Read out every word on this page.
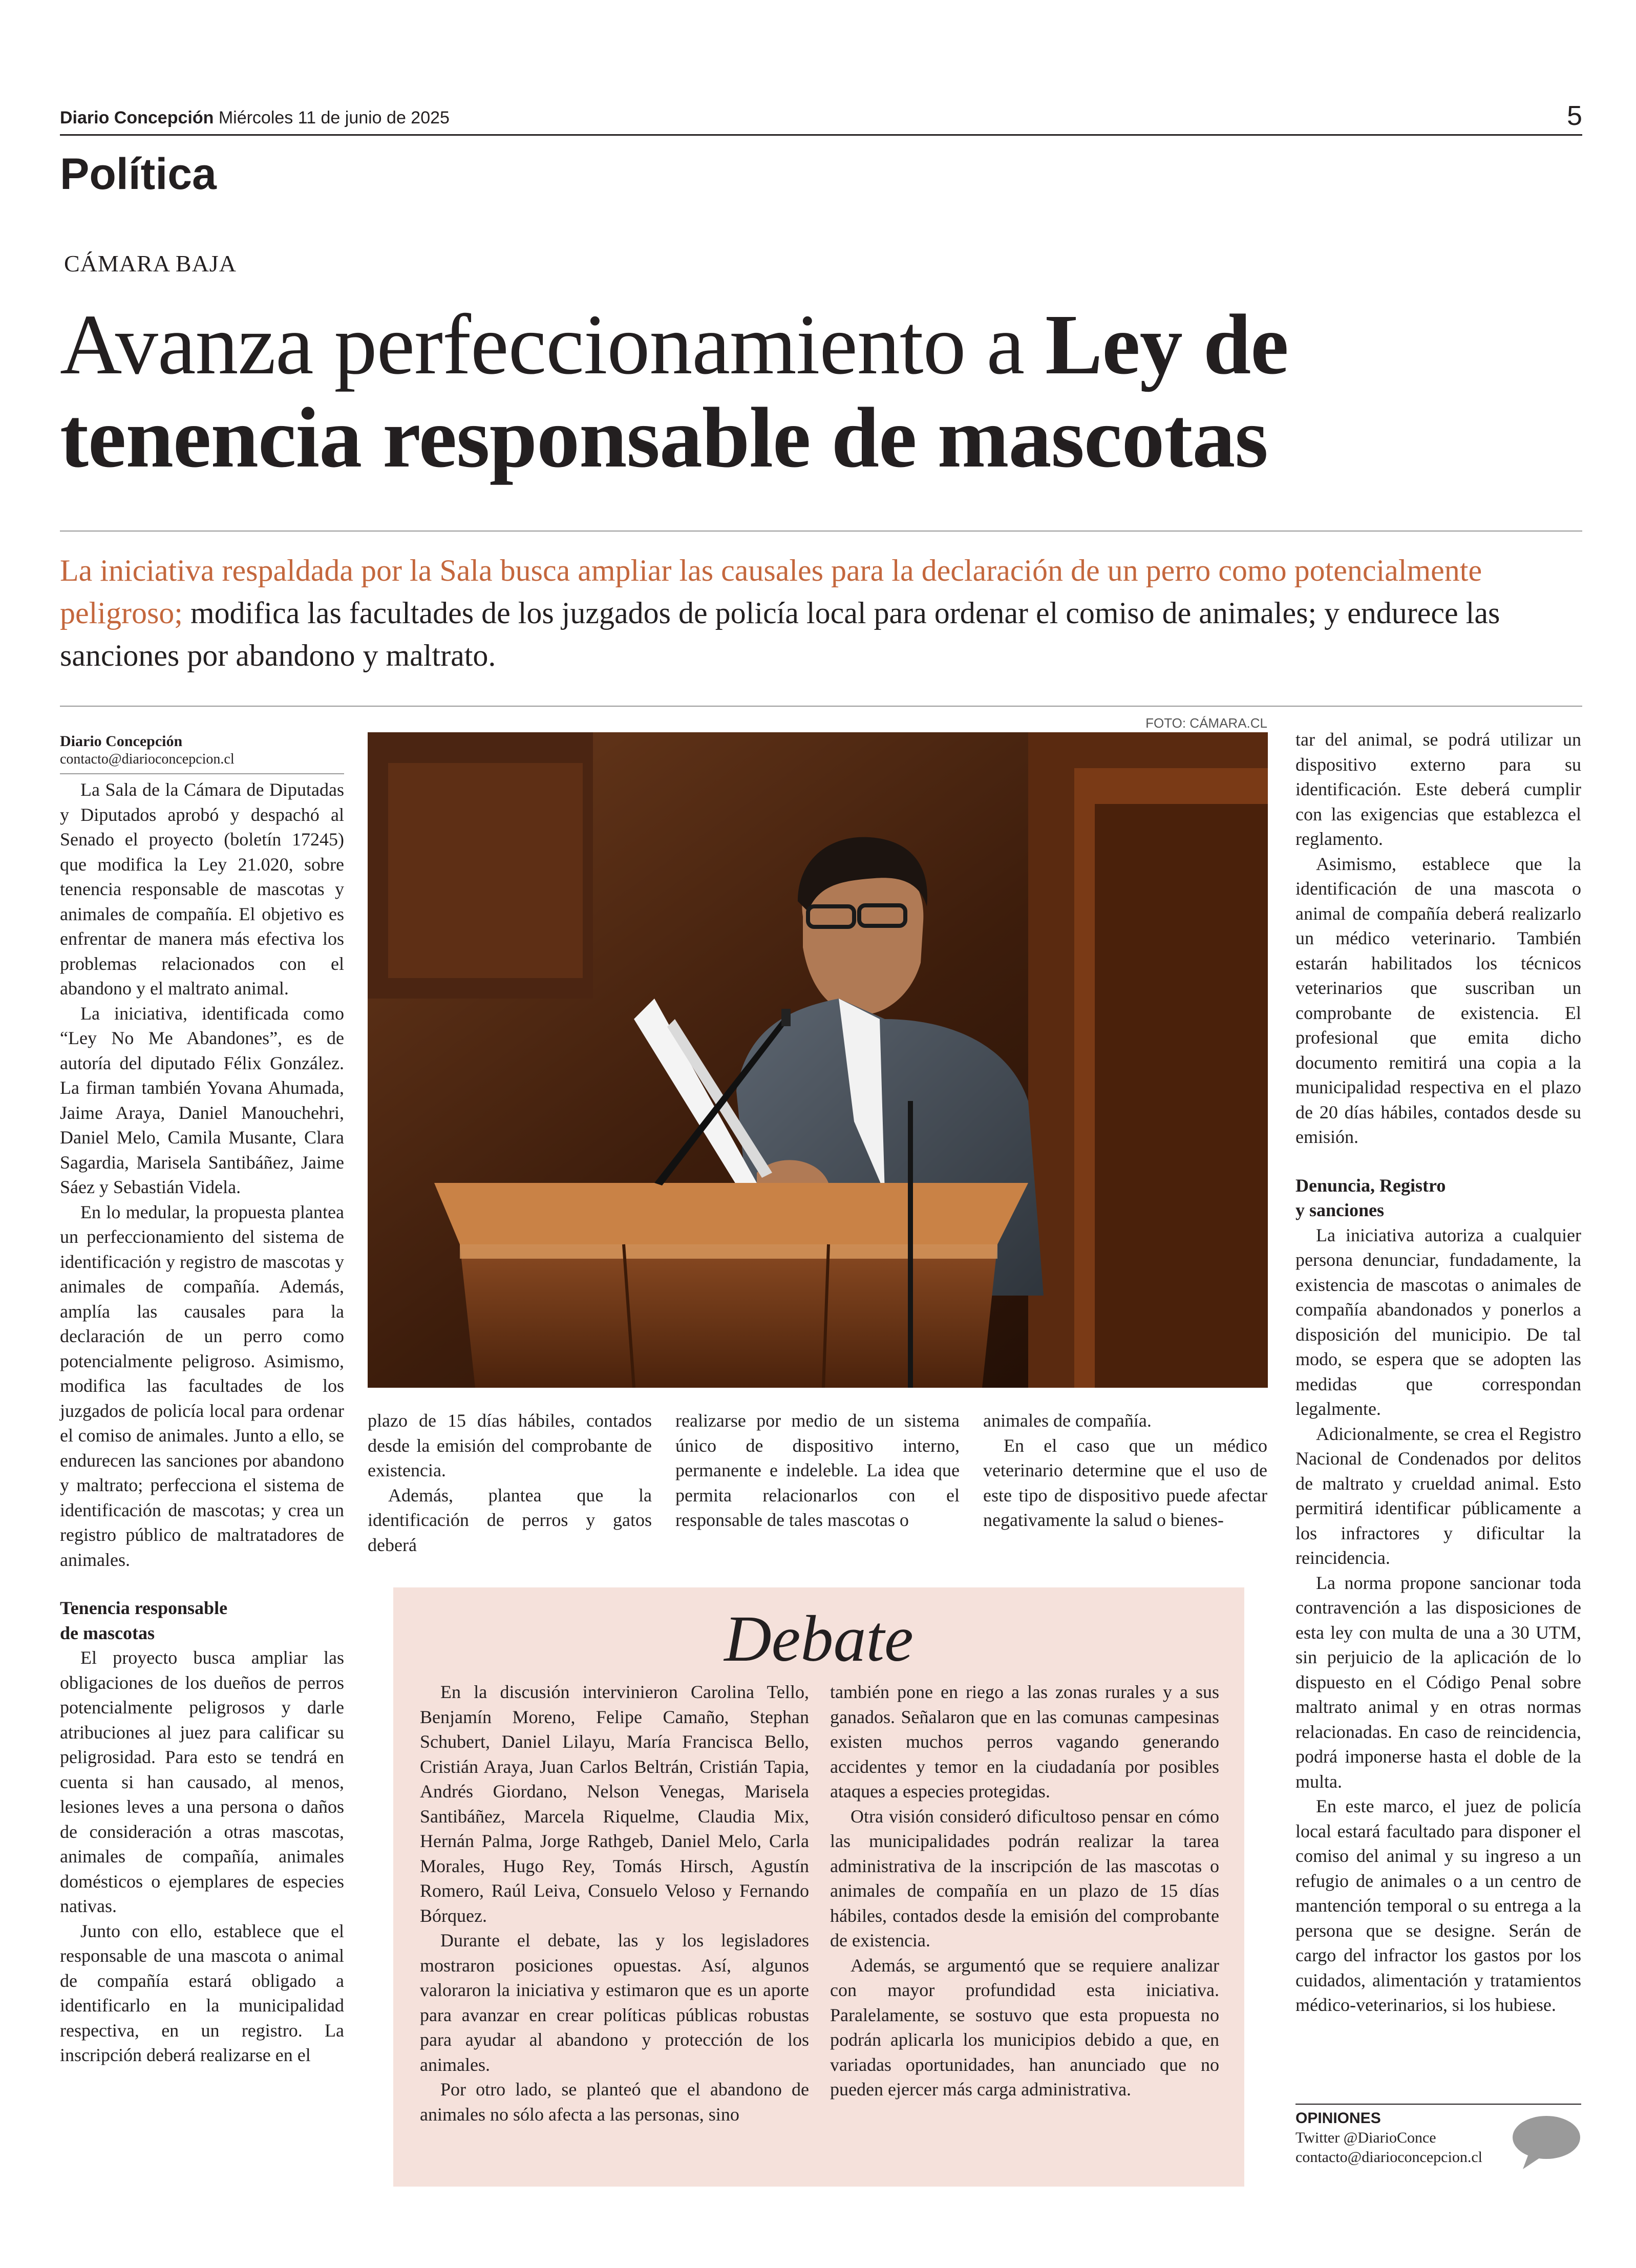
Diario Concepción Miércoles 11 de junio de 2025	5
Política
CÁMARA BAJA
Avanza perfeccionamiento a Ley de
tenencia responsable de mascotas
La iniciativa respaldada por la Sala busca ampliar las causales para la declaración de un perro como potencialmente peligroso; modifica las facultades de los juzgados de policía local para ordenar el comiso de animales; y endurece las sanciones por abandono y maltrato.
Diario Concepción
contacto@diarioconcepcion.cl

La Sala de la Cámara de Diputadas y Diputados aprobó y despachó al Senado el proyecto (boletín 17245) que modifica la Ley 21.020, sobre tenencia responsable de mascotas y animales de compañía. El objetivo es enfrentar de manera más efectiva los problemas relacionados con el abandono y el maltrato animal.

La iniciativa, identificada como “Ley No Me Abandones”, es de autoría del diputado Félix González. La firman también Yovana Ahumada, Jaime Araya, Daniel Manouchehri, Daniel Melo, Camila Musante, Clara Sagardia, Marisela Santibáñez, Jaime Sáez y Sebastián Videla.

En lo medular, la propuesta plantea un perfeccionamiento del sistema de identificación y registro de mascotas y animales de compañía. Además, amplía las causales para la declaración de un perro como potencialmente peligroso. Asimismo, modifica las facultades de los juzgados de policía local para ordenar el comiso de animales. Junto a ello, se endurecen las sanciones por abandono y maltrato; perfecciona el sistema de identificación de mascotas; y crea un registro público de maltratadores de animales.

Tenencia responsable
de mascotas

El proyecto busca ampliar las obligaciones de los dueños de perros potencialmente peligrosos y darle atribuciones al juez para calificar su peligrosidad. Para esto se tendrá en cuenta si han causado, al menos, lesiones leves a una persona o daños de consideración a otras mascotas, animales de compañía, animales domésticos o ejemplares de especies nativas.

Junto con ello, establece que el responsable de una mascota o animal de compañía estará obligado a identificarlo en la municipalidad respectiva, en un registro. La inscripción deberá realizarse en el

FOTO: CÁMARA.CL

plazo de 15 días hábiles, contados desde la emisión del comprobante de existencia.

Además, plantea que la identificación de perros y gatos deberá

realizarse por medio de un sistema único de dispositivo interno, permanente e indeleble. La idea que permita relacionarlos con el responsable de tales mascotas o

animales de compañía.

En el caso que un médico veterinario determine que el uso de este tipo de dispositivo puede afectar negativamente la salud o bienes-

tar del animal, se podrá utilizar un dispositivo externo para su identificación. Este deberá cumplir con las exigencias que establezca el reglamento.

Asimismo, establece que la identificación de una mascota o animal de compañía deberá realizarlo un médico veterinario. También estarán habilitados los técnicos veterinarios que suscriban un comprobante de existencia. El profesional que emita dicho documento remitirá una copia a la municipalidad respectiva en el plazo de 20 días hábiles, contados desde su emisión.

Denuncia, Registro
y sanciones

La iniciativa autoriza a cualquier persona denunciar, fundadamente, la existencia de mascotas o animales de compañía abandonados y ponerlos a disposición del municipio. De tal modo, se espera que se adopten las medidas que correspondan legalmente.

Adicionalmente, se crea el Registro Nacional de Condenados por delitos de maltrato y crueldad animal. Esto permitirá identificar públicamente a los infractores y dificultar la reincidencia.

La norma propone sancionar toda contravención a las disposiciones de esta ley con multa de una a 30 UTM, sin perjuicio de la aplicación de lo dispuesto en el Código Penal sobre maltrato animal y en otras normas relacionadas. En caso de reincidencia, podrá imponerse hasta el doble de la multa.

En este marco, el juez de policía local estará facultado para disponer el comiso del animal y su ingreso a un refugio de animales o a un centro de mantención temporal o su entrega a la persona que se designe. Serán de cargo del infractor los gastos por los cuidados, alimentación y tratamientos médico-veterinarios, si los hubiese.

Debate

En la discusión intervinieron Carolina Tello, Benjamín Moreno, Felipe Camaño, Stephan Schubert, Daniel Lilayu, María Francisca Bello, Cristián Araya, Juan Carlos Beltrán, Cristián Tapia, Andrés Giordano, Nelson Venegas, Marisela Santibáñez, Marcela Riquelme, Claudia Mix, Hernán Palma, Jorge Rathgeb, Daniel Melo, Carla Morales, Hugo Rey, Tomás Hirsch, Agustín Romero, Raúl Leiva, Consuelo Veloso y Fernando Bórquez.

Durante el debate, las y los legisladores mostraron posiciones opuestas. Así, algunos valoraron la iniciativa y estimaron que es un aporte para avanzar en crear políticas públicas robustas para ayudar al abandono y protección de los animales.

Por otro lado, se planteó que el abandono de animales no sólo afecta a las personas, sino

también pone en riego a las zonas rurales y a sus ganados. Señalaron que en las comunas campesinas existen muchos perros vagando generando accidentes y temor en la ciudadanía por posibles ataques a especies protegidas.

Otra visión consideró dificultoso pensar en cómo las municipalidades podrán realizar la tarea administrativa de la inscripción de las mascotas o animales de compañía en un plazo de 15 días hábiles, contados desde la emisión del comprobante de existencia.

Además, se argumentó que se requiere analizar con mayor profundidad esta iniciativa. Paralelamente, se sostuvo que esta propuesta no podrán aplicarla los municipios debido a que, en variadas oportunidades, han anunciado que no pueden ejercer más carga administrativa.

OPINIONES
Twitter @DiarioConce
contacto@diarioconcepcion.cl
